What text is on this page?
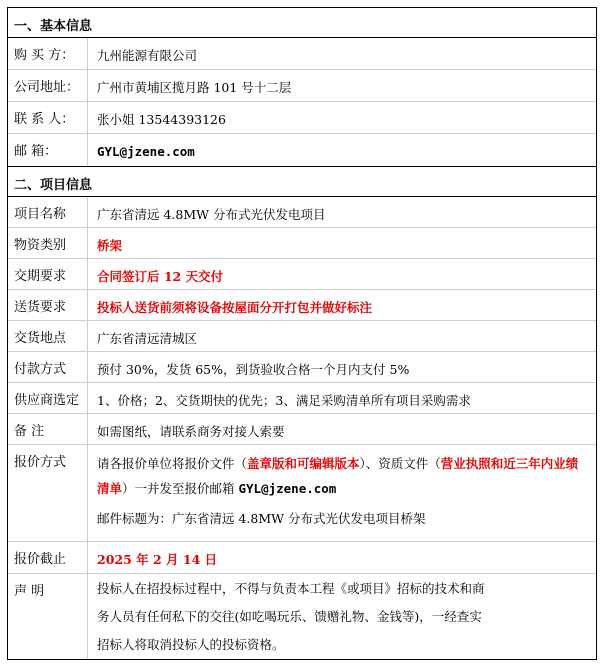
一、基本信息
购 买 方：	九州能源有限公司
公司地址：	广州市黄埔区揽月路 101 号十二层
联 系 人：	张小姐 13544393126
邮 箱：	GYL@jzene.com
二、项目信息
项目名称	广东省清远 4.8MW 分布式光伏发电项目
物资类别	桥架
交期要求	合同签订后 12 天交付
送货要求	投标人送货前须将设备按屋面分开打包并做好标注
交货地点	广东省清远清城区
付款方式	预付 30%，发货 65%，到货验收合格一个月内支付 5%
供应商选定	1、价格；2、交货期快的优先；3、满足采购清单所有项目采购需求
备 注	如需图纸，请联系商务对接人索要
报价方式	请各报价单位将报价文件（盖章版和可编辑版本）、资质文件（营业执照和近三年内业绩清单）一并发至报价邮箱 GYL@jzene.com
邮件标题为：广东省清远 4.8MW 分布式光伏发电项目桥架
报价截止	2025 年 2 月 14 日
声 明	投标人在招投标过程中，不得与负责本工程《或项目》招标的技术和商
务人员有任何私下的交往(如吃喝玩乐、馈赠礼物、金钱等)，一经查实
招标人将取消投标人的投标资格。
